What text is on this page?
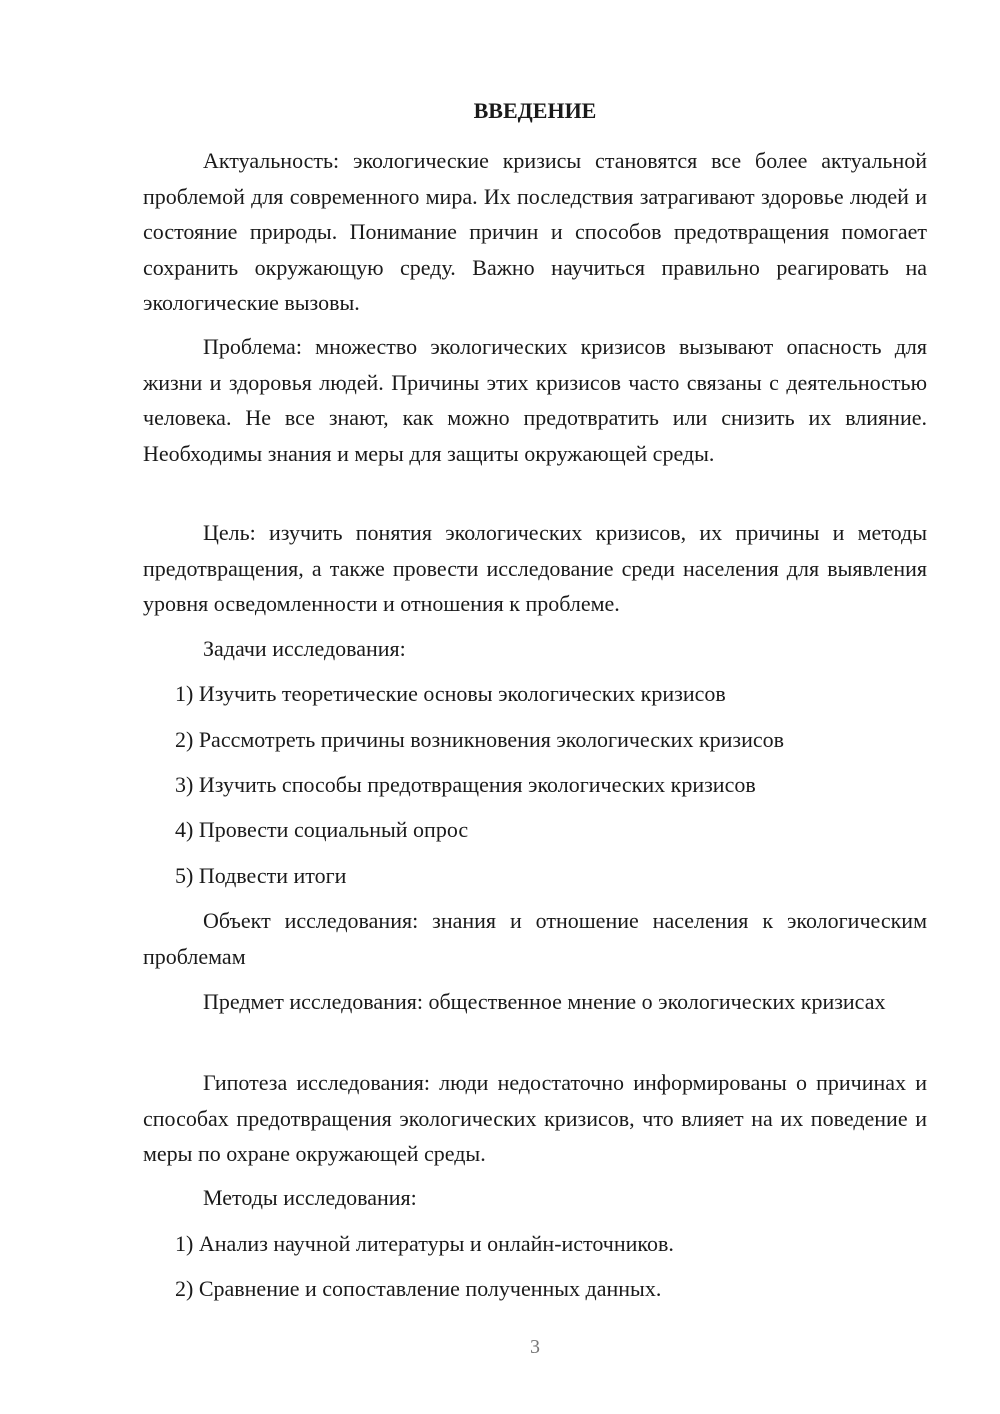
ВВЕДЕНИЕ

Актуальность: экологические кризисы становятся все более актуальной проблемой для современного мира. Их последствия затрагивают здоровье людей и состояние природы. Понимание причин и способов предотвращения помогает сохранить окружающую среду. Важно научиться правильно реагировать на экологические вызовы.

Проблема: множество экологических кризисов вызывают опасность для жизни и здоровья людей. Причины этих кризисов часто связаны с деятельностью человека. Не все знают, как можно предотвратить или снизить их влияние. Необходимы знания и меры для защиты окружающей среды.

Цель: изучить понятия экологических кризисов, их причины и методы предотвращения, а также провести исследование среди населения для выявления уровня осведомленности и отношения к проблеме.

Задачи исследования:
1) Изучить теоретические основы экологических кризисов
2) Рассмотреть причины возникновения экологических кризисов
3) Изучить способы предотвращения экологических кризисов
4) Провести социальный опрос
5) Подвести итоги

Объект исследования: знания и отношение населения к экологическим проблемам

Предмет исследования: общественное мнение о экологических кризисах

Гипотеза исследования: люди недостаточно информированы о причинах и способах предотвращения экологических кризисов, что влияет на их поведение и меры по охране окружающей среды.

Методы исследования:
1) Анализ научной литературы и онлайн-источников.
2) Сравнение и сопоставление полученных данных.
3
